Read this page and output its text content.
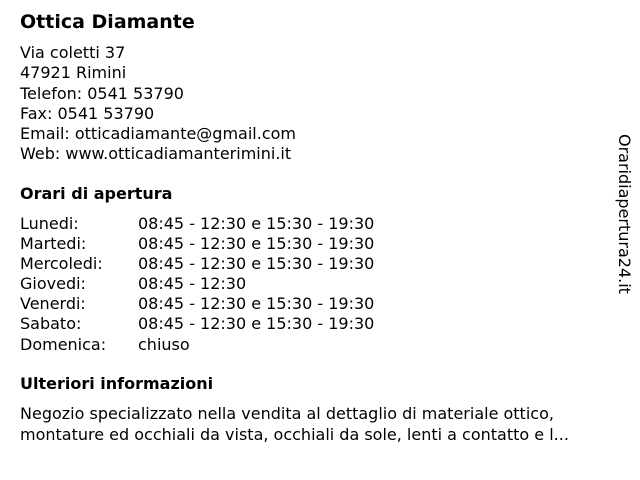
Ottica Diamante
Via coletti 37
47921 Rimini
Telefon: 0541 53790
Fax: 0541 53790
Email: otticadiamante@gmail.com
Web: www.otticadiamanterimini.it
Orari di apertura
Lunedi:	08:45 - 12:30 e 15:30 - 19:30
Martedi:	08:45 - 12:30 e 15:30 - 19:30
Mercoledi: 08:45 - 12:30 e 15:30 - 19:30
Giovedi:	08:45 - 12:30
Venerdi:	08:45 - 12:30 e 15:30 - 19:30
Sabato:	08:45 - 12:30 e 15:30 - 19:30
Domenica: chiuso
Ulteriori informazioni

Negozio specializzato nella vendita al dettaglio di materiale ottico, montature ed occhiali da vista, occhiali da sole, lenti a contatto e l...

Oraridiapertura24.it
